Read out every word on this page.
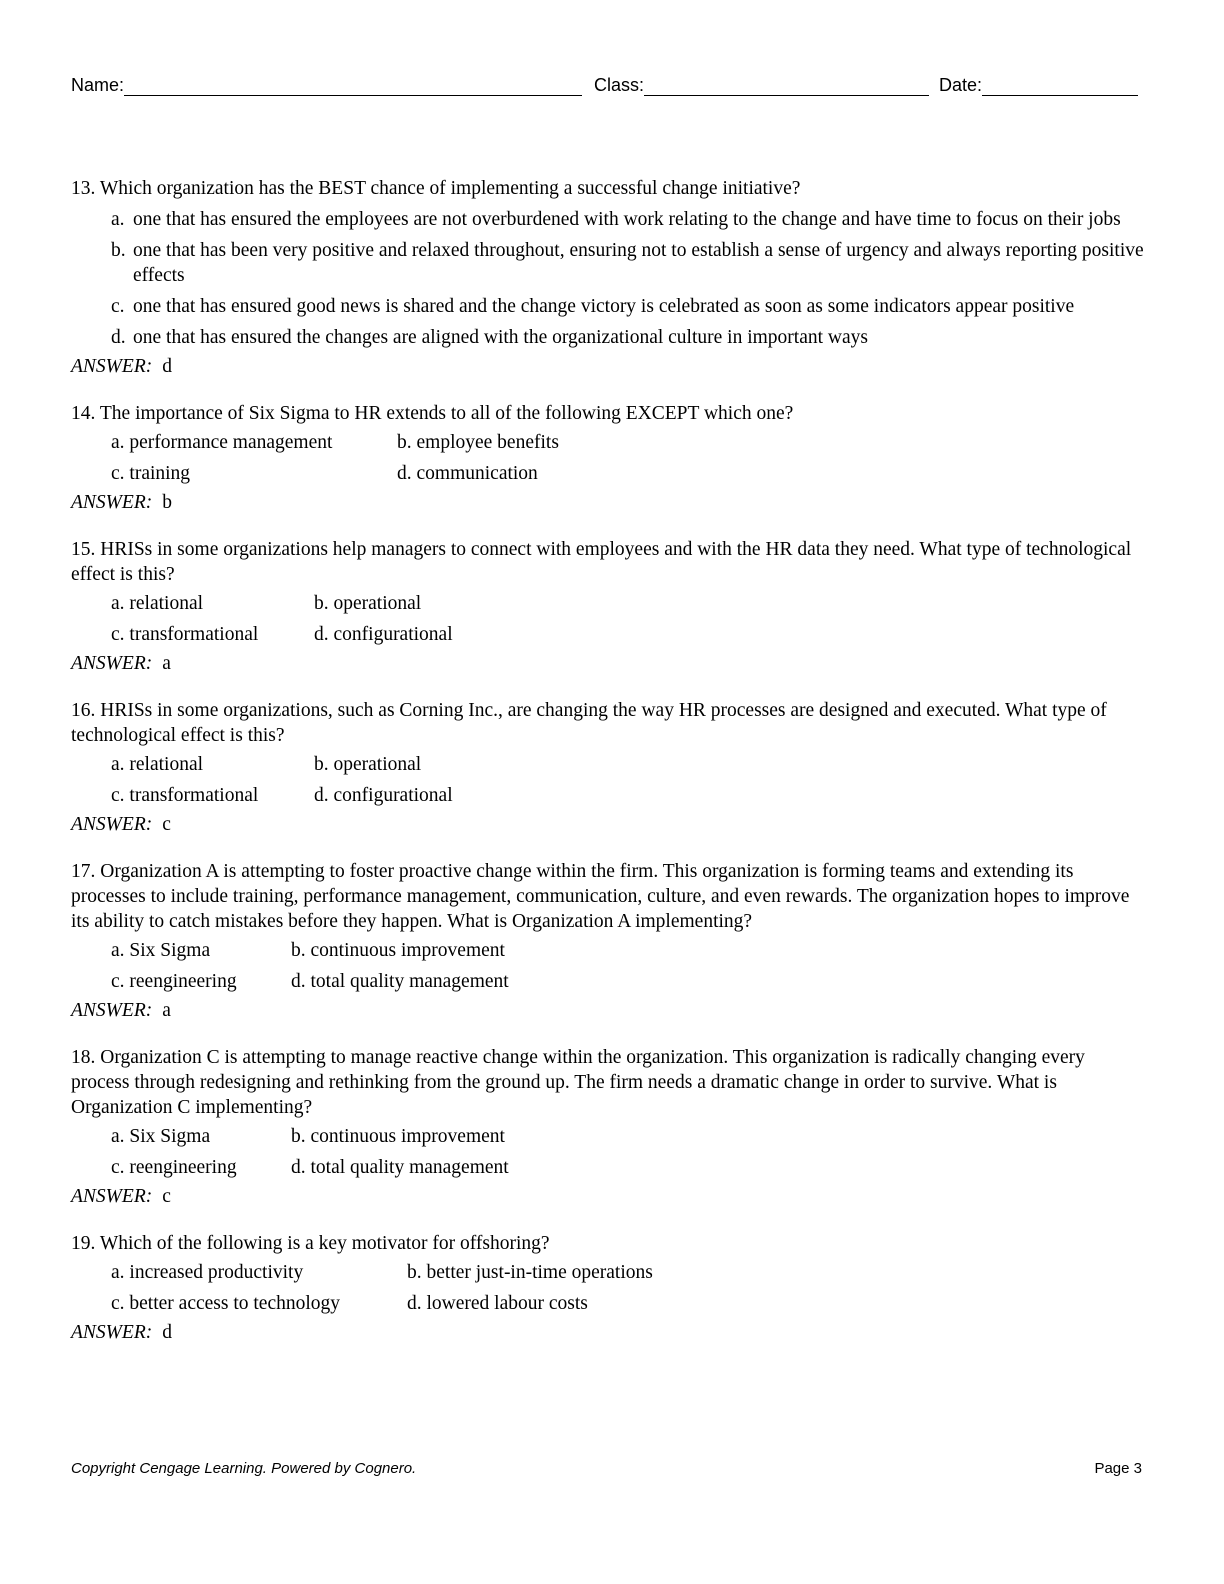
Name:	Class:	Date:

13. Which organization has the BEST chance of implementing a successful change initiative?

a. one that has ensured the employees are not overburdened with work relating to the change and have time to focus on their jobs
b. one that has been very positive and relaxed throughout, ensuring not to establish a sense of urgency and always reporting positive effects
c. one that has ensured good news is shared and the change victory is celebrated as soon as some indicators appear positive
d. one that has ensured the changes are aligned with the organizational culture in important ways
ANSWER: d

14. The importance of Six Sigma to HR extends to all of the following EXCEPT which one?

a. performance management	b. employee benefits
c. training	d. communication
ANSWER: b

15. HRISs in some organizations help managers to connect with employees and with the HR data they need. What type of technological effect is this?

a. relational	b. operational
c. transformational	d. configurational
ANSWER: a

16. HRISs in some organizations, such as Corning Inc., are changing the way HR processes are designed and executed. What type of technological effect is this?

a. relational	b. operational
c. transformational	d. configurational
ANSWER: c

17. Organization A is attempting to foster proactive change within the firm. This organization is forming teams and extending its processes to include training, performance management, communication, culture, and even rewards. The organization hopes to improve its ability to catch mistakes before they happen. What is Organization A implementing?

a. Six Sigma	b. continuous improvement
c. reengineering	d. total quality management
ANSWER: a

18. Organization C is attempting to manage reactive change within the organization. This organization is radically changing every process through redesigning and rethinking from the ground up. The firm needs a dramatic change in order to survive. What is Organization C implementing?

a. Six Sigma	b. continuous improvement
c. reengineering	d. total quality management
ANSWER: c

19. Which of the following is a key motivator for offshoring?

a. increased productivity	b. better just-in-time operations
c. better access to technology	d. lowered labour costs
ANSWER: d
Copyright Cengage Learning. Powered by Cognero.	Page 3
